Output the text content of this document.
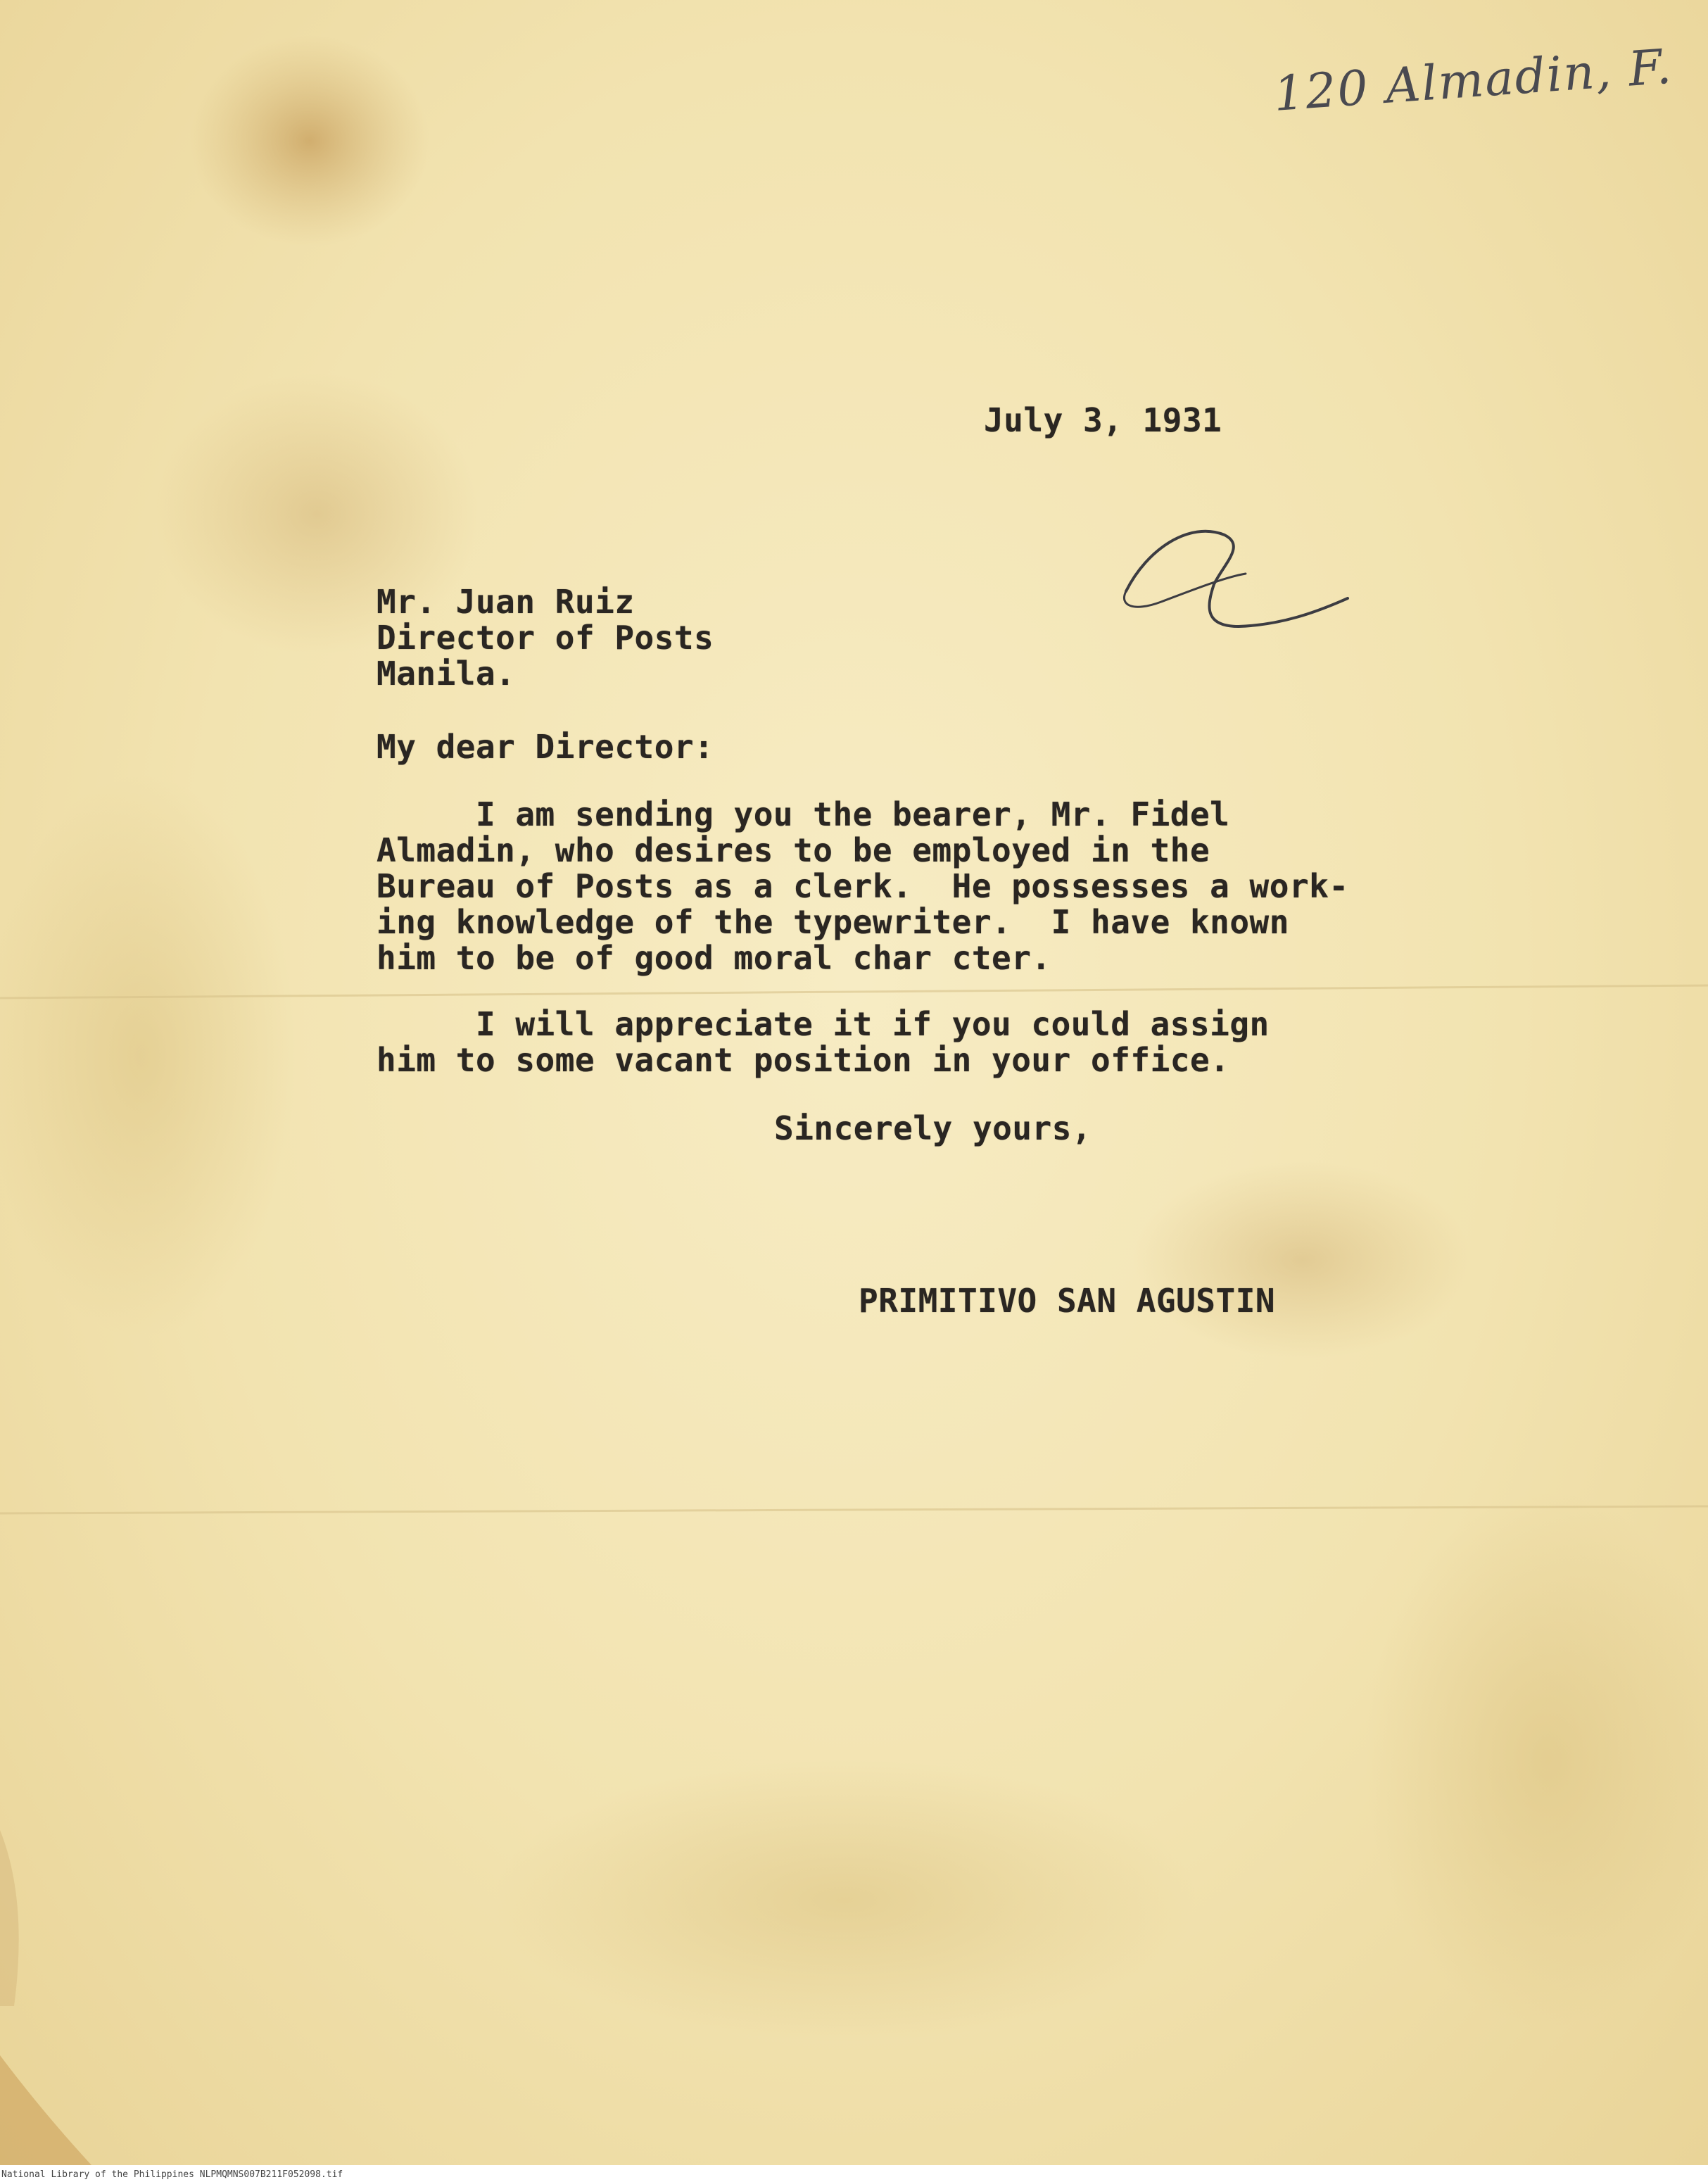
120 Almadin, F.
July 3, 1931
Mr. Juan Ruiz
Director of Posts
Manila.
My dear Director:
I am sending you the bearer, Mr. Fidel
Almadin, who desires to be employed in the
Bureau of Posts as a clerk.  He possesses a work-
ing knowledge of the typewriter.  I have known
him to be of good moral char cter.
I will appreciate it if you could assign
him to some vacant position in your office.
Sincerely yours,
PRIMITIVO SAN AGUSTIN
National Library of the Philippines NLPMQMNS007B211F052098.tif
